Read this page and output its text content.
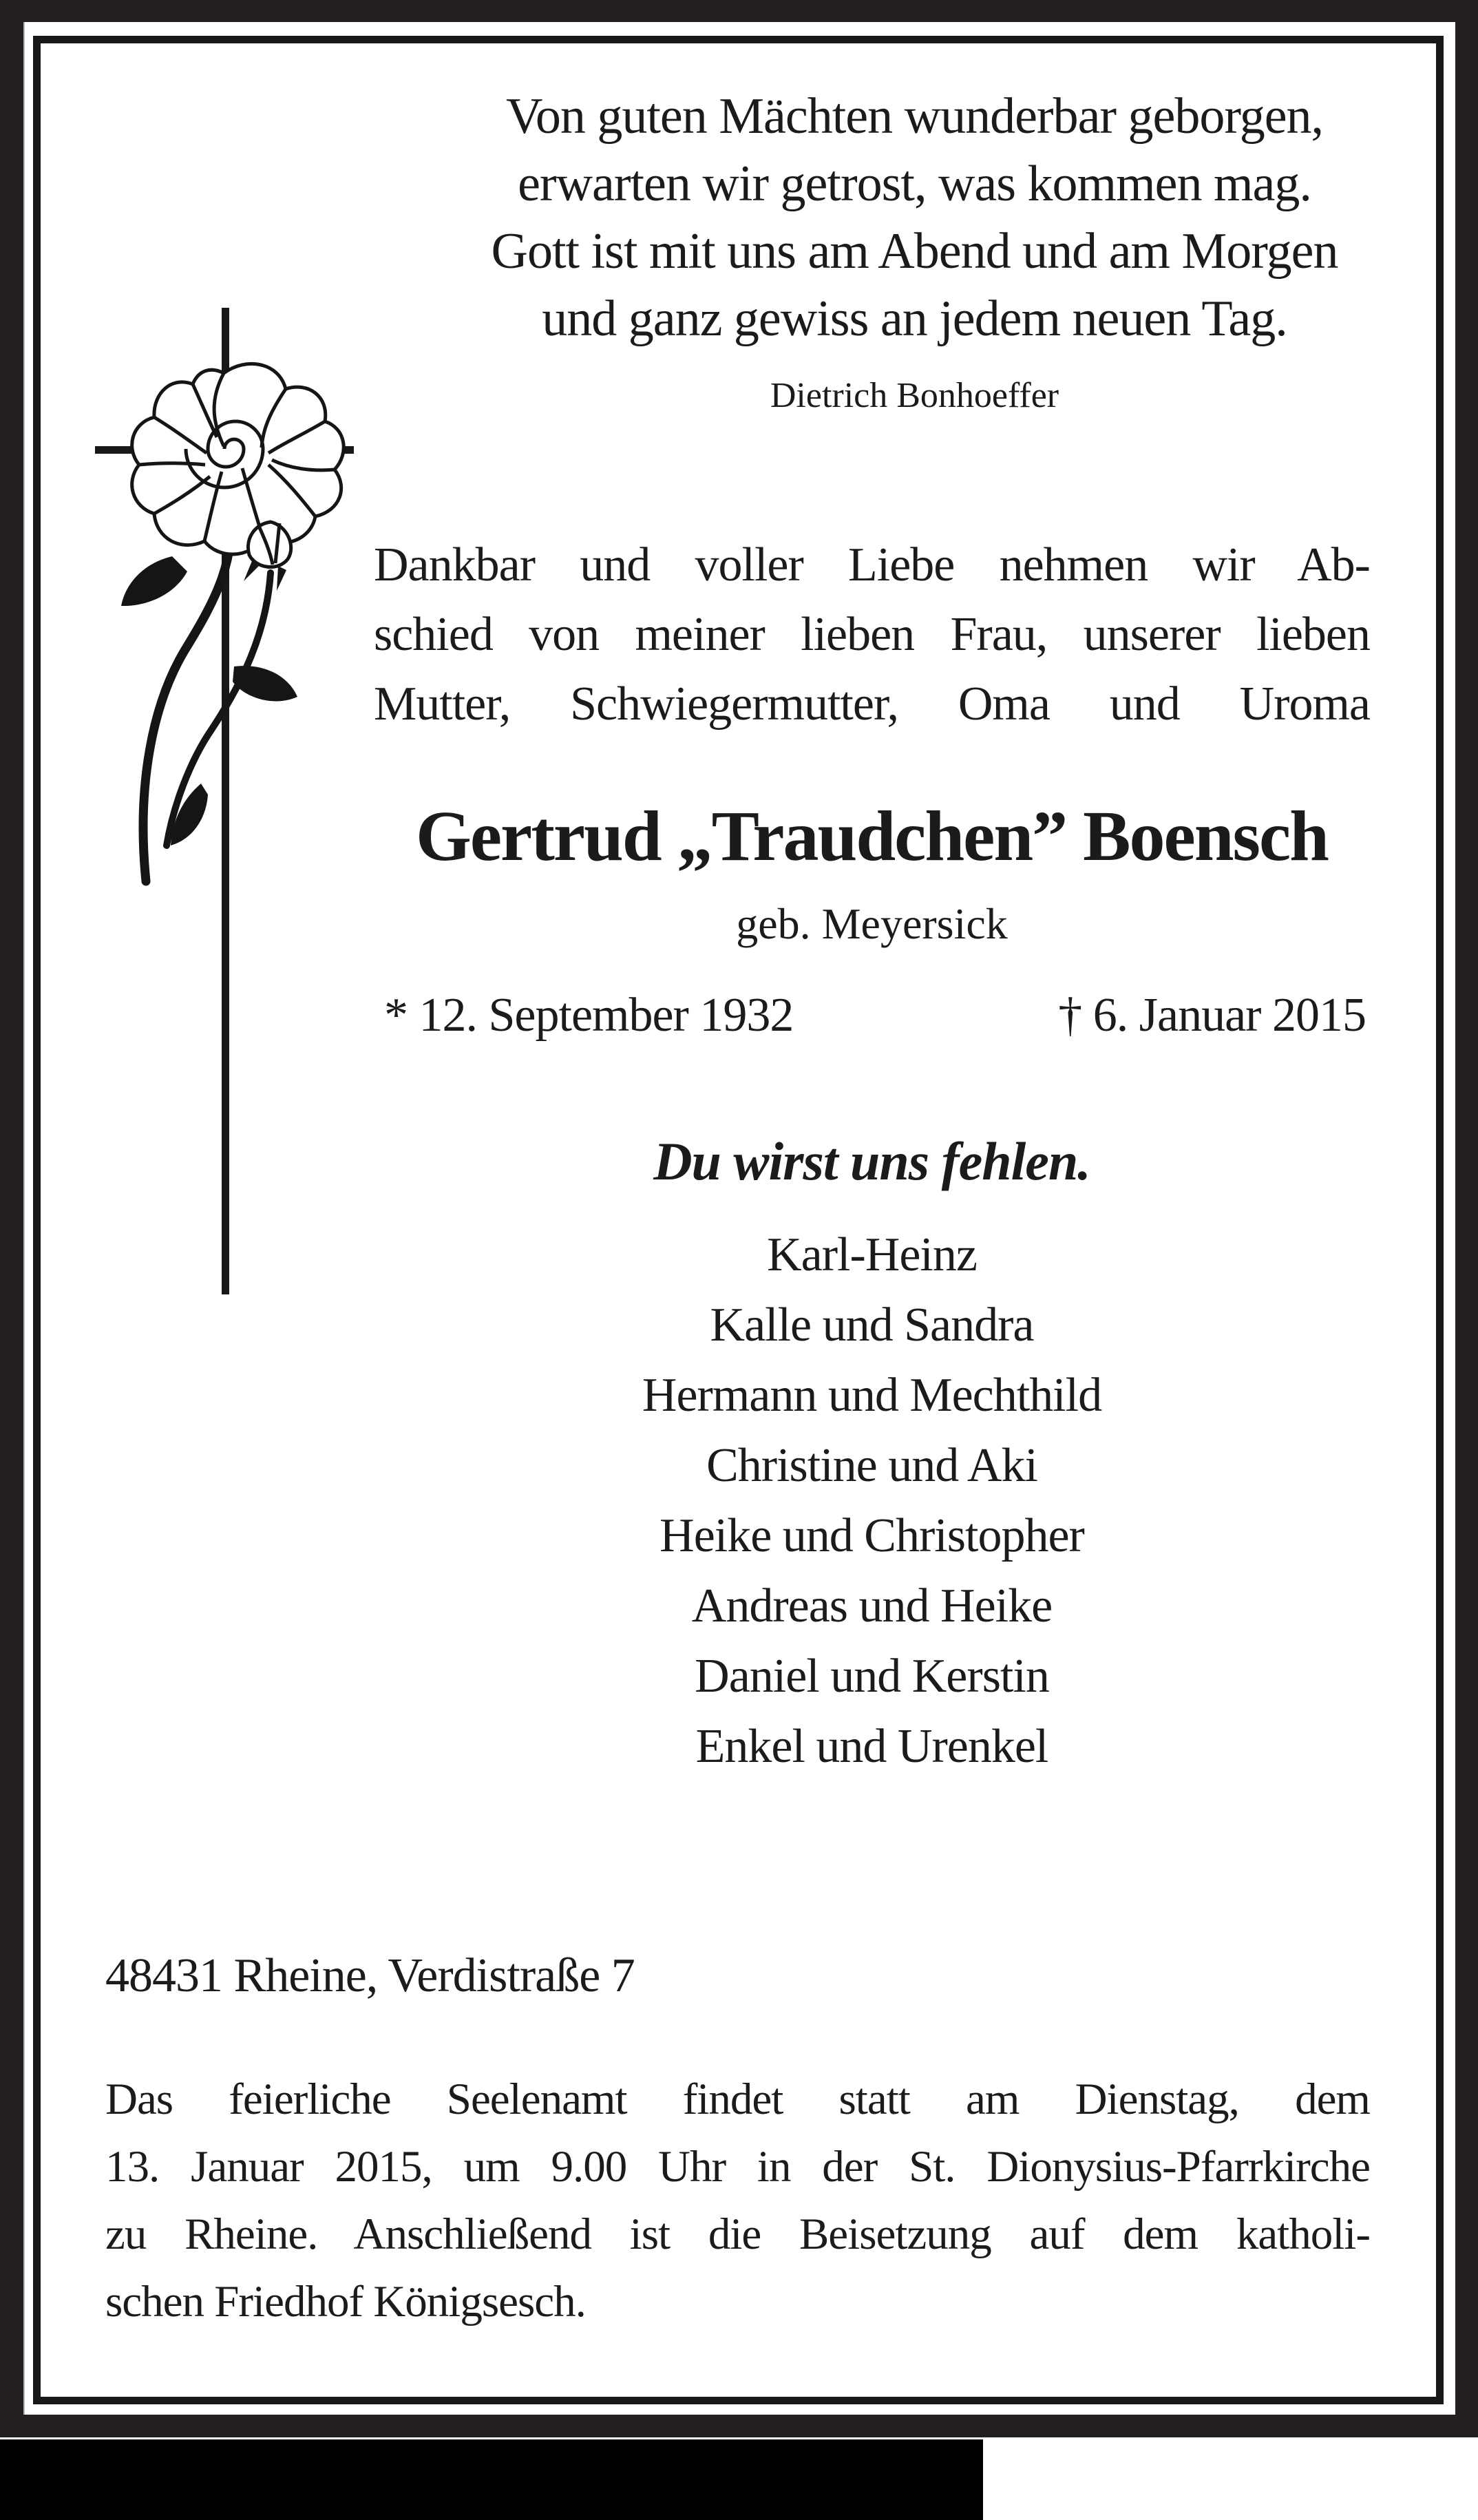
Von guten Mächten wunderbar geborgen,
erwarten wir getrost, was kommen mag.
Gott ist mit uns am Abend und am Morgen
und ganz gewiss an jedem neuen Tag.
Dietrich Bonhoeffer
Dankbar und voller Liebe nehmen wir Ab-
schied von meiner lieben Frau, unserer lieben
Mutter, Schwiegermutter, Oma und Uroma
Gertrud „Traudchen” Boensch
geb. Meyersick
* 12. September 1932	† 6. Januar 2015
Du wirst uns fehlen.
Karl-Heinz
Kalle und Sandra
Hermann und Mechthild
Christine und Aki
Heike und Christopher
Andreas und Heike
Daniel und Kerstin
Enkel und Urenkel
48431 Rheine, Verdistraße 7
Das feierliche Seelenamt findet statt am Dienstag, dem
13. Januar 2015, um 9.00 Uhr in der St. Dionysius-Pfarrkirche
zu Rheine. Anschließend ist die Beisetzung auf dem katholi-
schen Friedhof Königsesch.
